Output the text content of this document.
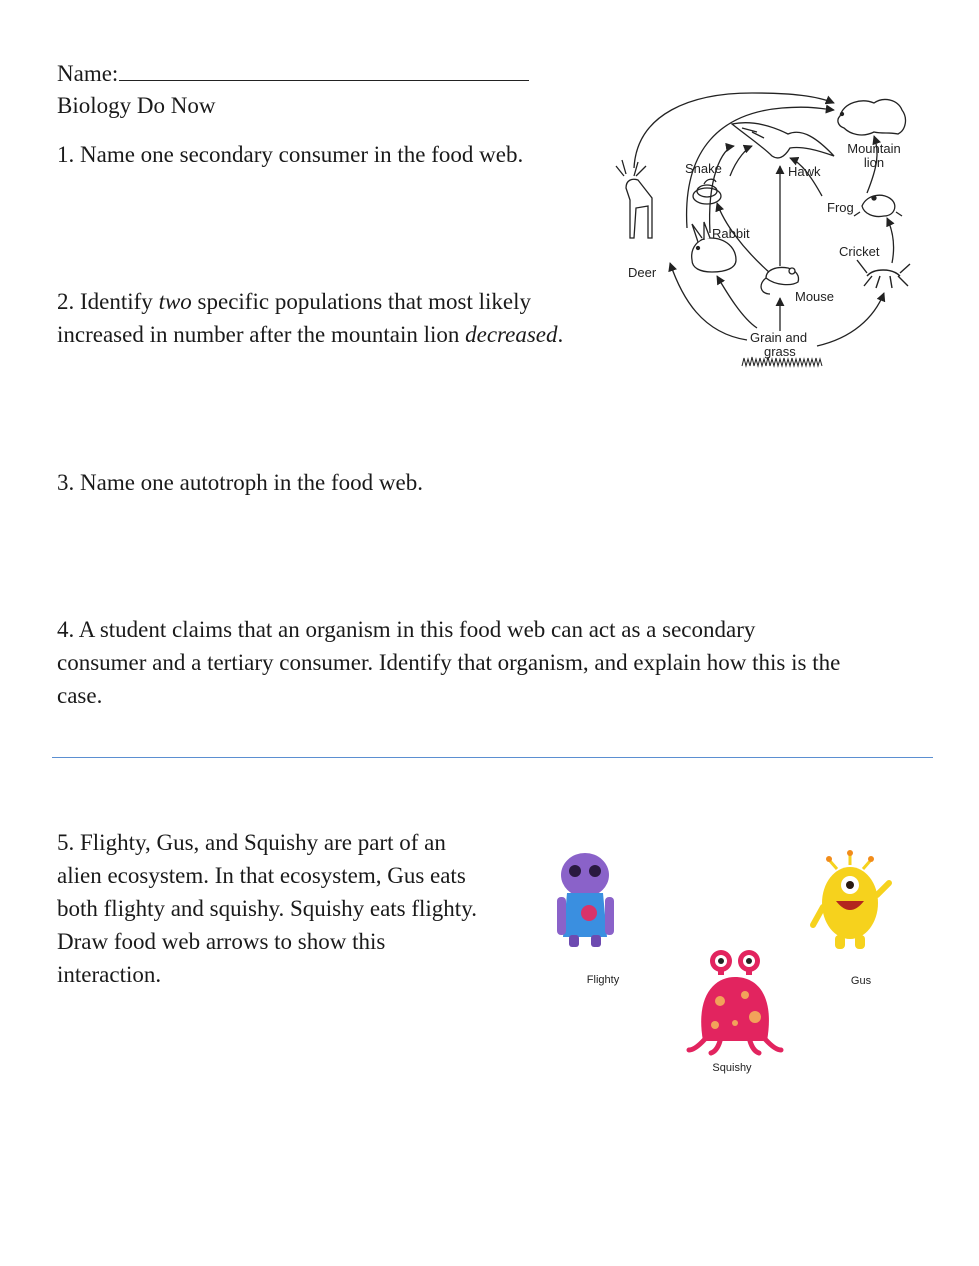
Name:
Biology Do Now
1. Name one secondary consumer in the food web.
2. Identify two specific populations that most likely
increased in number after the mountain lion decreased.
3. Name one autotroph in the food web.
4. A student claims that an organism in this food web can act as a secondary
consumer and a tertiary consumer. Identify that organism, and explain how this is the
case.
5. Flighty, Gus, and Squishy are part of an
alien ecosystem. In that ecosystem, Gus eats
both flighty and squishy. Squishy eats flighty.
Draw food web arrows to show this
interaction.
Mountain
lion
Hawk
Snake
Frog
Rabbit
Cricket
Deer
Mouse
Grain and
grass
Flighty	Gus
Squishy
